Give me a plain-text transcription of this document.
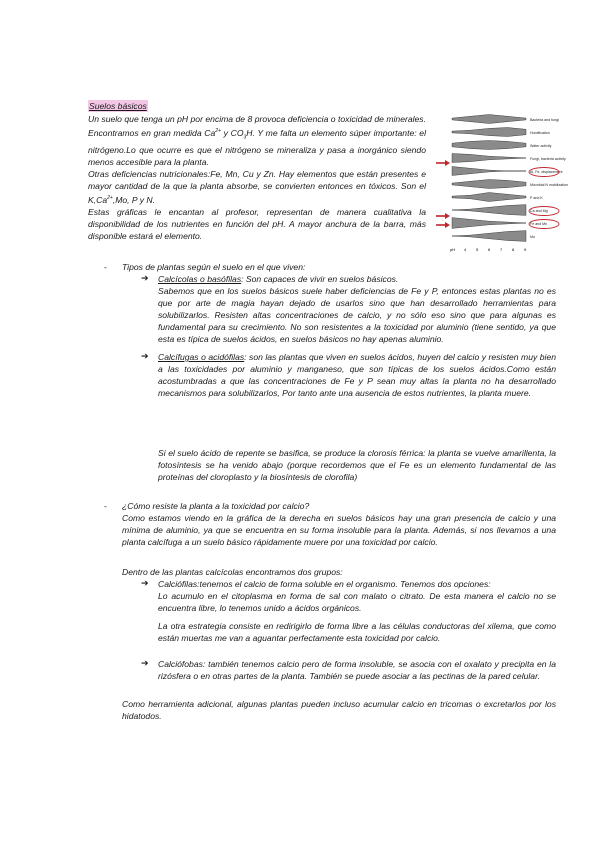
Suelos básicos

Un suelo que tenga un pH por encima de 8 provoca deficiencia o toxicidad de minerales. Encontramos en gran medida $Ca^{2+}$ y $CO_3H$. Y me falta un elemento súper importante: el nitrógeno.Lo que ocurre es que el nitrógeno se mineraliza y pasa a inorgánico siendo menos accesible para la planta.

Otras deficiencias nutricionales:Fe, Mn, Cu y Zn. Hay elementos que están presentes e mayor cantidad de la que la planta absorbe, se convierten entonces en tóxicos. Son el $K,Ca^{2+},Mo$, P y N.

Estas gráficas le encantan al profesor, representan de manera cualitativa la disponibilidad de los nutrientes en función del pH. A mayor anchura de la barra, más disponible estará el elemento.

Bacteria and fungi
Humification
Water activity
Fungi, bacteria activity
Al, Fe, displacement
Microbial N mobilization
P and K
Ca and Mg
Fe and Mn
Mo
pH 4 5 6 7 8 9
- Tipos de plantas según el suelo en el que viven:
➔ Calcícolas o basófilas: Son capaces de vivir en suelos básicos.
Sabemos que en los suelos básicos suele haber deficiencias de Fe y P, entonces estas plantas no es que por arte de magia hayan dejado de usarlos sino que han desarrollado herramientas para solubilizarlos. Resisten altas concentraciones de calcio, y no sólo eso sino que para algunas es fundamental para su crecimiento. No son resistentes a la toxicidad por aluminio (tiene sentido, ya que esta es típica de suelos ácidos, en suelos básicos no hay apenas aluminio.
➔ Calcífugas o acidófilas: son las plantas que viven en suelos ácidos, huyen del calcio y resisten muy bien a las toxicidades por aluminio y manganeso, que son típicas de los suelos ácidos.Como están acostumbradas a que las concentraciones de Fe y P sean muy altas la planta no ha desarrollado mecanismos para solubilizarlos, Por tanto ante una ausencia de estos nutrientes, la planta muere.
Si el suelo ácido de repente se basifica, se produce la clorosis férrica: la planta se vuelve amarillenta, la fotosíntesis se ha venido abajo (porque recordemos que el Fe es un elemento fundamental de las proteínas del cloroplasto y la biosíntesis de clorofila)
- ¿Cómo resiste la planta a la toxicidad por calcio?
Como estamos viendo en la gráfica de la derecha en suelos básicos hay una gran presencia de calcio y una mínima de aluminio, ya que se encuentra en su forma insoluble para la planta. Además, si nos llevamos a una planta calcífuga a un suelo básico rápidamente muere por una toxicidad por calcio.
Dentro de las plantas calcícolas encontramos dos grupos:
➔ Calciófilas:tenemos el calcio de forma soluble en el organismo. Tenemos dos opciones:
Lo acumulo en el citoplasma en forma de sal con malato o citrato. De esta manera el calcio no se encuentra libre, lo tenemos unido a ácidos orgánicos.
La otra estrategia consiste en redirigirlo de forma libre a las células conductoras del xilema, que como están muertas me van a aguantar perfectamente esta toxicidad por calcio.
➔ Calciófobas: también tenemos calcio pero de forma insoluble, se asocia con el oxalato y precipita en la rizósfera o en otras partes de la planta. También se puede asociar a las pectinas de la pared celular.
Como herramienta adicional, algunas plantas pueden incluso acumular calcio en tricomas o excretarlos por los hidatodos.
